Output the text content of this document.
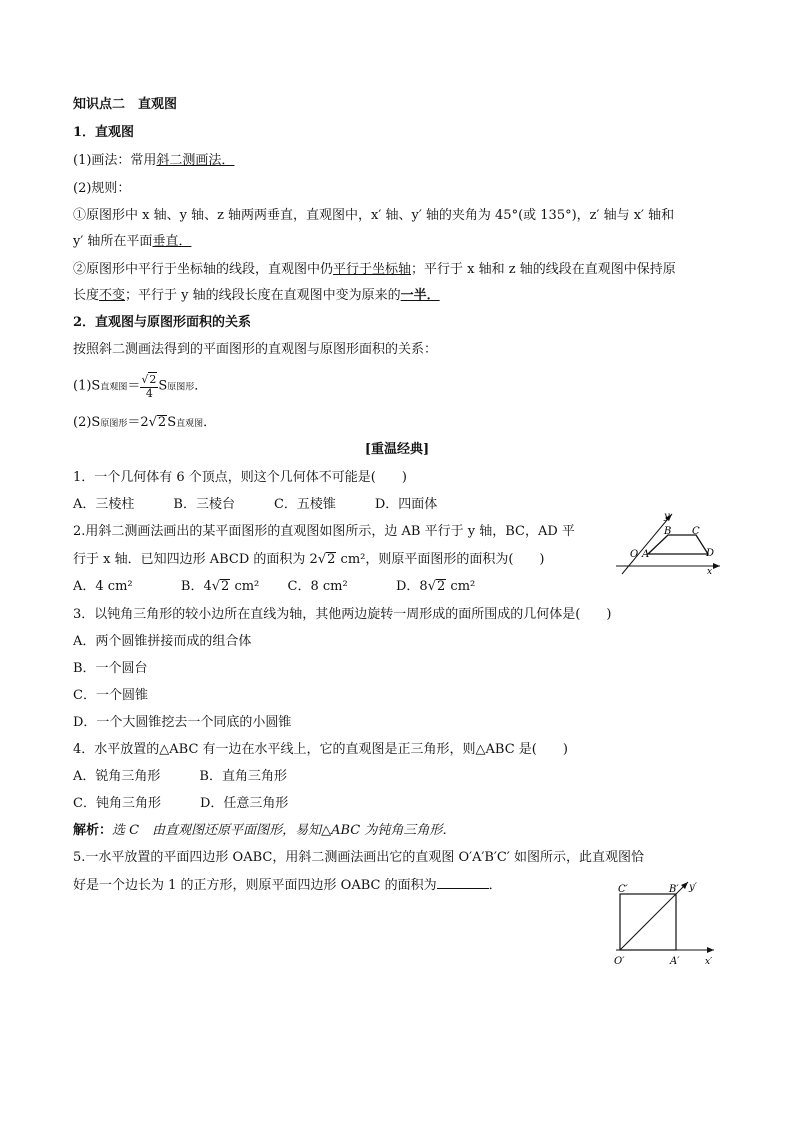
知识点二　直观图
1．直观图
(1)画法：常用斜二测画法．
(2)规则：
①原图形中 x 轴、y 轴、z 轴两两垂直，直观图中，x′ 轴、y′ 轴的夹角为 45°(或 135°)，z′ 轴与 x′ 轴和
y′ 轴所在平面垂直．
②原图形中平行于坐标轴的线段，直观图中仍平行于坐标轴；平行于 x 轴和 z 轴的线段在直观图中保持原
长度不变；平行于 y 轴的线段长度在直观图中变为原来的一半．
2．直观图与原图形面积的关系
按照斜二测画法得到的平面图形的直观图与原图形面积的关系：
(1)S直观图＝ $\frac{√2}{4}$ S原图形．
(2)S原图形＝2√2S直观图．
[重温经典]
1．一个几何体有 6 个顶点，则这个几何体不可能是(　　)
A．三棱柱　　　B．三棱台　　　C．五棱锥　　　D．四面体
2.用斜二测画法画出的某平面图形的直观图如图所示，边 AB 平行于 y 轴，BC，AD 平
行于 x 轴．已知四边形 ABCD 的面积为 2√2 cm²，则原平面图形的面积为(　　)
A．4 cm²	B．4√2 cm² C．8 cm²	D．8√2 cm²
y
B C
O A	D
x
3．以钝角三角形的较小边所在直线为轴，其他两边旋转一周形成的面所围成的几何体是(　　)
A．两个圆锥拼接而成的组合体
B．一个圆台
C．一个圆锥
D．一个大圆锥挖去一个同底的小圆锥
4．水平放置的△ABC 有一边在水平线上，它的直观图是正三角形，则△ABC 是(　　)
A．锐角三角形　　　B．直角三角形
C．钝角三角形　　　D．任意三角形
解析：选 C　由直观图还原平面图形，易知△ABC 为钝角三角形．
5.一水平放置的平面四边形 OABC，用斜二测画法画出它的直观图 O′A′B′C′ 如图所示，此直观图恰
好是一个边长为 1 的正方形，则原平面四边形 OABC 的面积为	．	C′	B′ y′
O′	A′	x′
